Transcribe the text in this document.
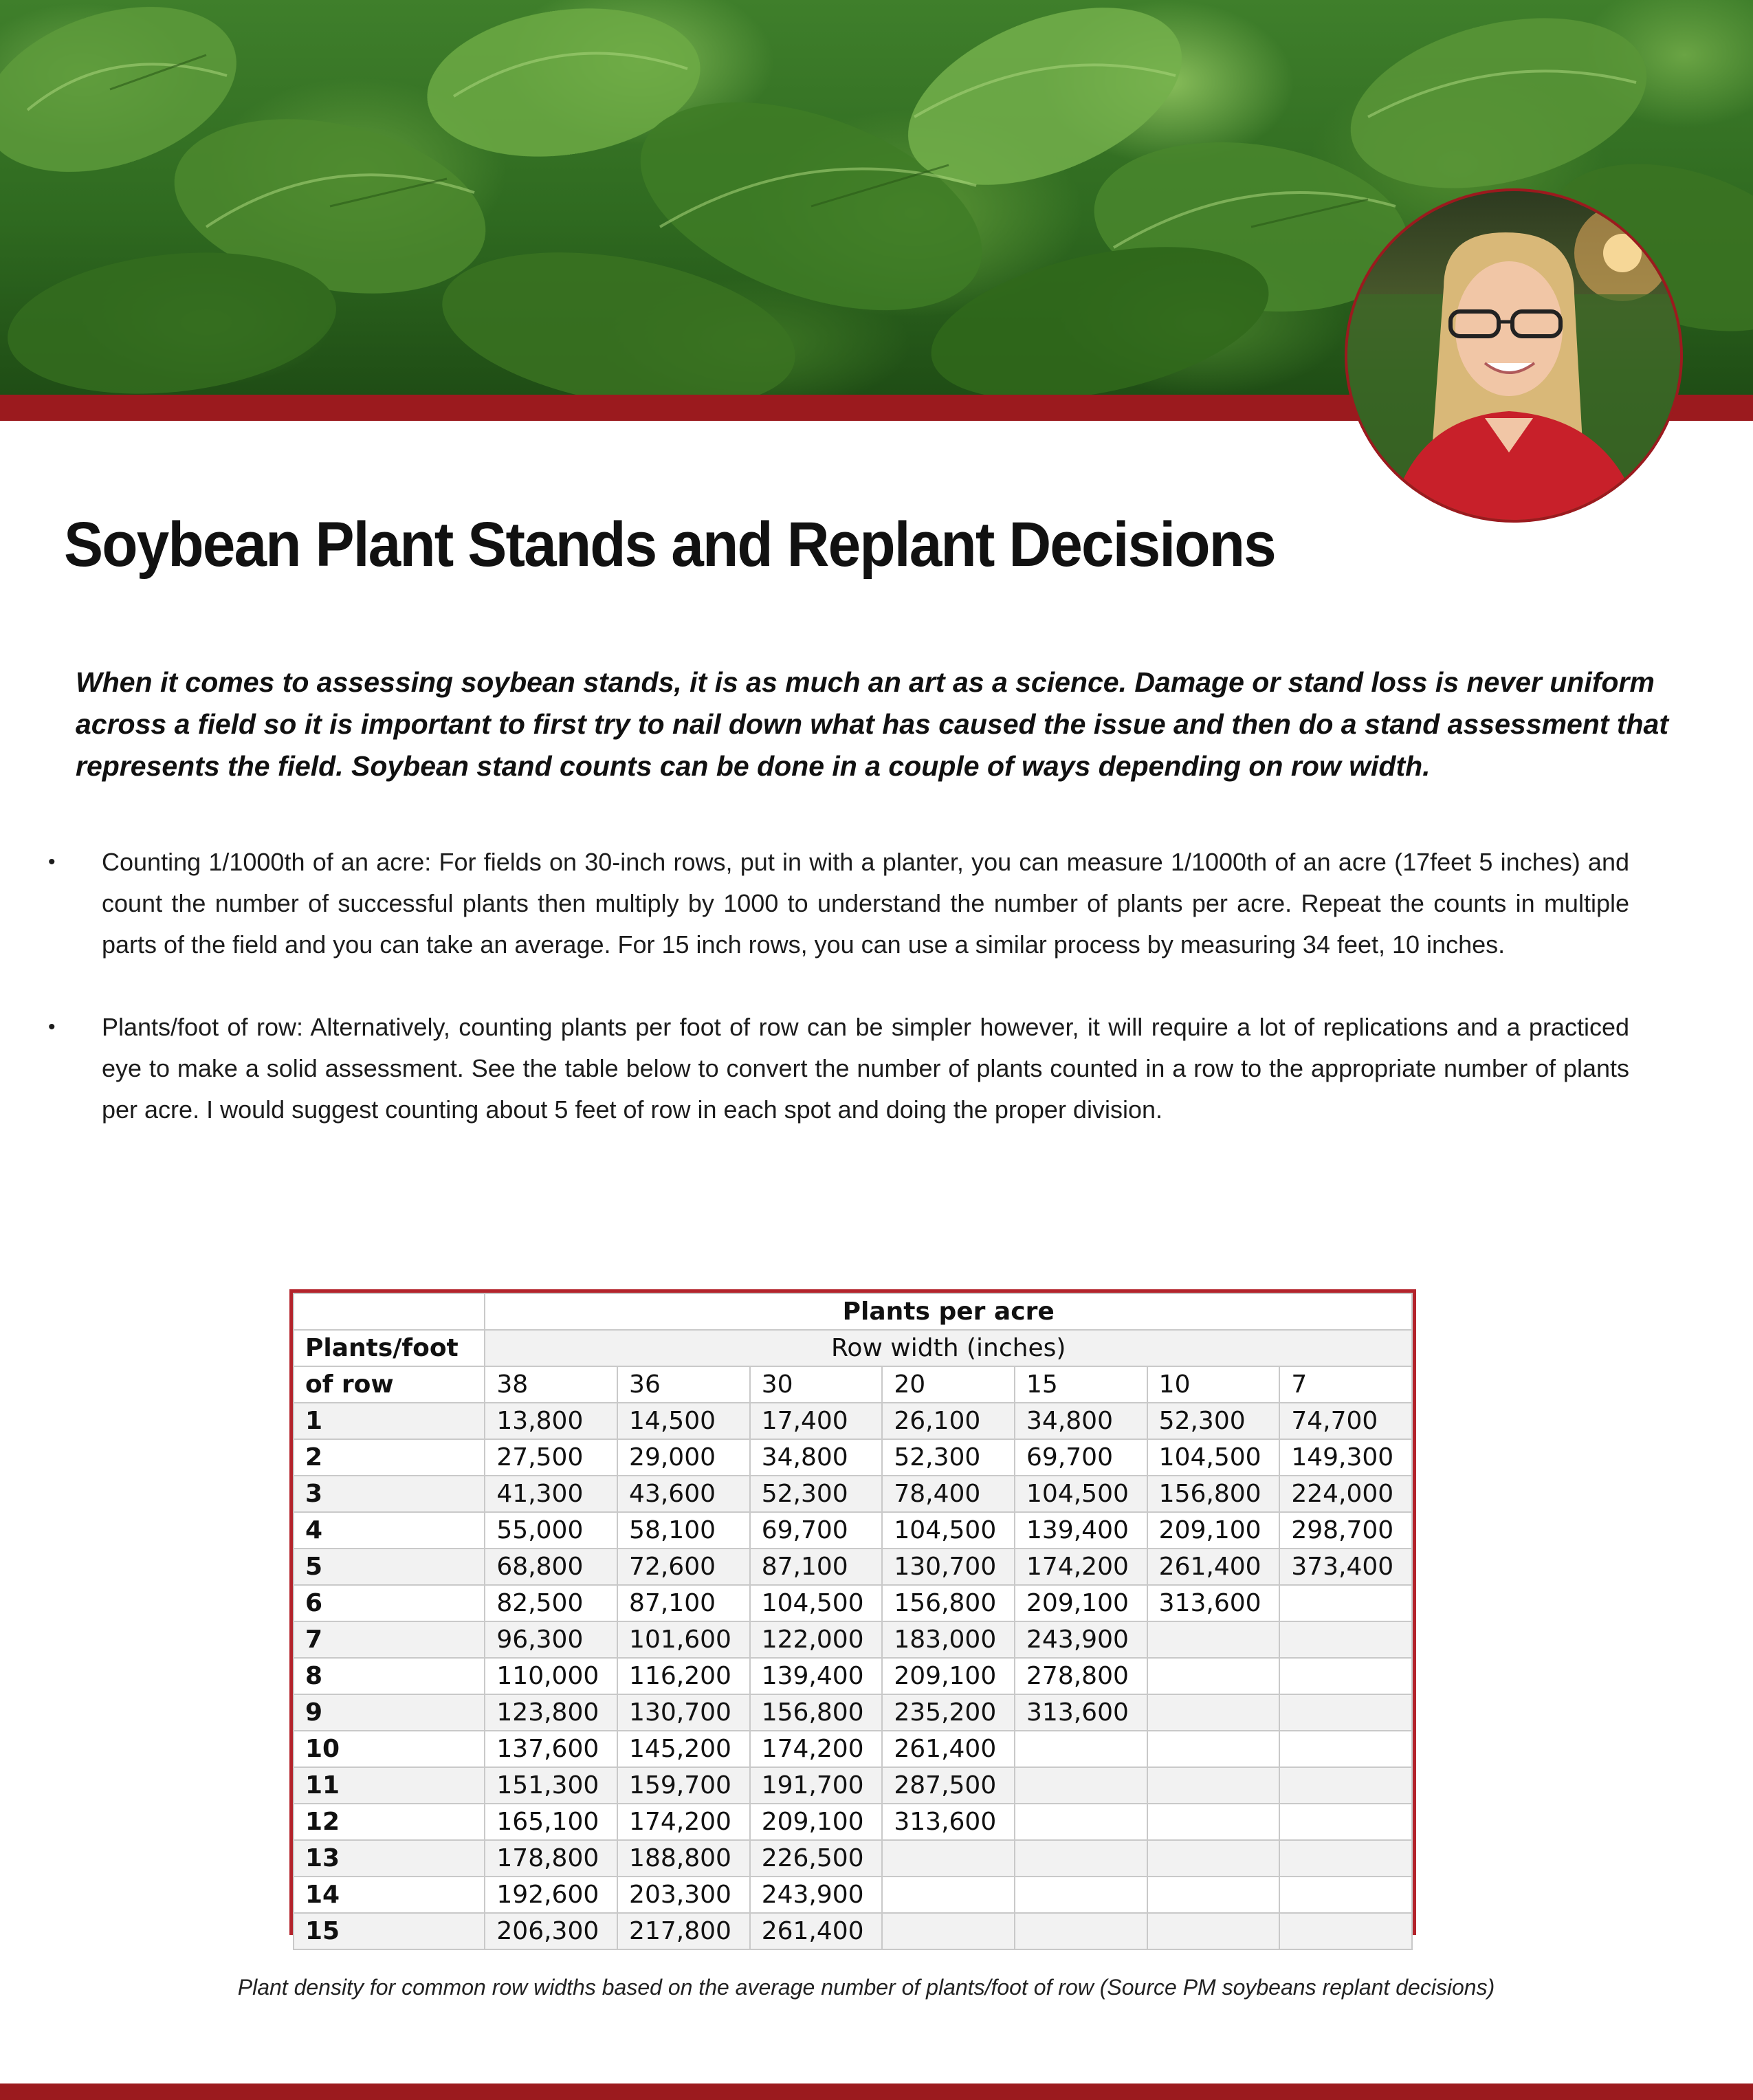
Soybean Plant Stands and Replant Decisions

When it comes to assessing soybean stands, it is as much an art as a science. Damage or stand loss is never uniform across a field so it is important to first try to nail down what has caused the issue and then do a stand assessment that represents the field. Soybean stand counts can be done in a couple of ways depending on row width.

• Counting 1/1000th of an acre: For fields on 30-inch rows, put in with a planter, you can measure 1/1000th of an acre (17feet 5 inches) and count the number of successful plants then multiply by 1000 to understand the number of plants per acre. Repeat the counts in multiple parts of the field and you can take an average. For 15 inch rows, you can use a similar process by measuring 34 feet, 10 inches.
• Plants/foot of row: Alternatively, counting plants per foot of row can be simpler however, it will require a lot of replications and a practiced eye to make a solid assessment. See the table below to convert the number of plants counted in a row to the appropriate number of plants per acre. I would suggest counting about 5 feet of row in each spot and doing the proper division.
	Plants per acre						
Plants/foot	Row width (inches)						
of row	38	36	30	20	15	10	7
1	13,800	14,500	17,400	26,100	34,800	52,300	74,700
2	27,500	29,000	34,800	52,300	69,700	104,500	149,300
3	41,300	43,600	52,300	78,400	104,500	156,800	224,000
4	55,000	58,100	69,700	104,500	139,400	209,100	298,700
5	68,800	72,600	87,100	130,700	174,200	261,400	373,400
6	82,500	87,100	104,500	156,800	209,100	313,600	
7	96,300	101,600	122,000	183,000	243,900		
8	110,000	116,200	139,400	209,100	278,800		
9	123,800	130,700	156,800	235,200	313,600		
10	137,600	145,200	174,200	261,400			
11	151,300	159,700	191,700	287,500			
12	165,100	174,200	209,100	313,600			
13	178,800	188,800	226,500				
14	192,600	203,300	243,900				
15	206,300	217,800	261,400				

Plant density for common row widths based on the average number of plants/foot of row (Source PM soybeans replant decisions)
